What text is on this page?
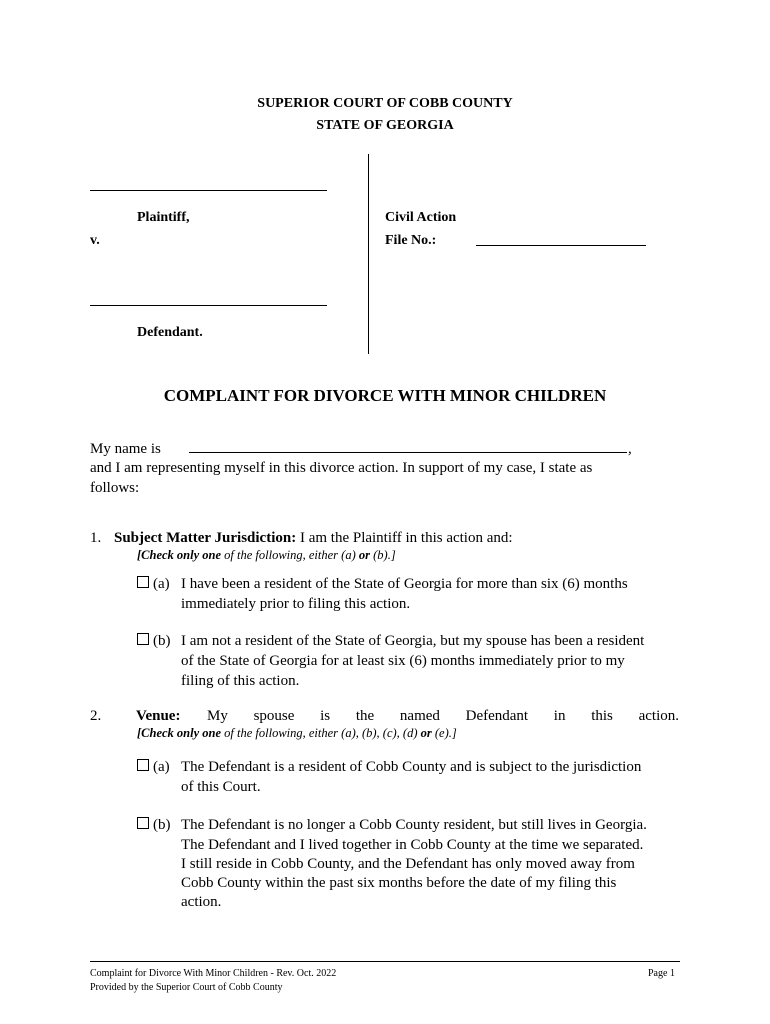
SUPERIOR COURT OF COBB COUNTY
STATE OF GEORGIA
Plaintiff,
v.
Defendant.
Civil Action
File No.:
COMPLAINT FOR DIVORCE WITH MINOR CHILDREN
My name is	,
and I am representing myself in this divorce action. In support of my case, I state as
follows:
1. Subject Matter Jurisdiction: I am the Plaintiff in this action and:
[Check only one of the following, either (a) or (b).]
(a) I have been a resident of the State of Georgia for more than six (6) months
immediately prior to filing this action.
(b) I am not a resident of the State of Georgia, but my spouse has been a resident
of the State of Georgia for at least six (6) months immediately prior to my
filing of this action.
2. Venue: My spouse is the named Defendant in this action.
[Check only one of the following, either (a), (b), (c), (d) or (e).]
(a) The Defendant is a resident of Cobb County and is subject to the jurisdiction
of this Court.
(b) The Defendant is no longer a Cobb County resident, but still lives in Georgia.
The Defendant and I lived together in Cobb County at the time we separated.
I still reside in Cobb County, and the Defendant has only moved away from
Cobb County within the past six months before the date of my filing this
action.
Complaint for Divorce With Minor Children - Rev. Oct. 2022
Provided by the Superior Court of Cobb County
Page 1
